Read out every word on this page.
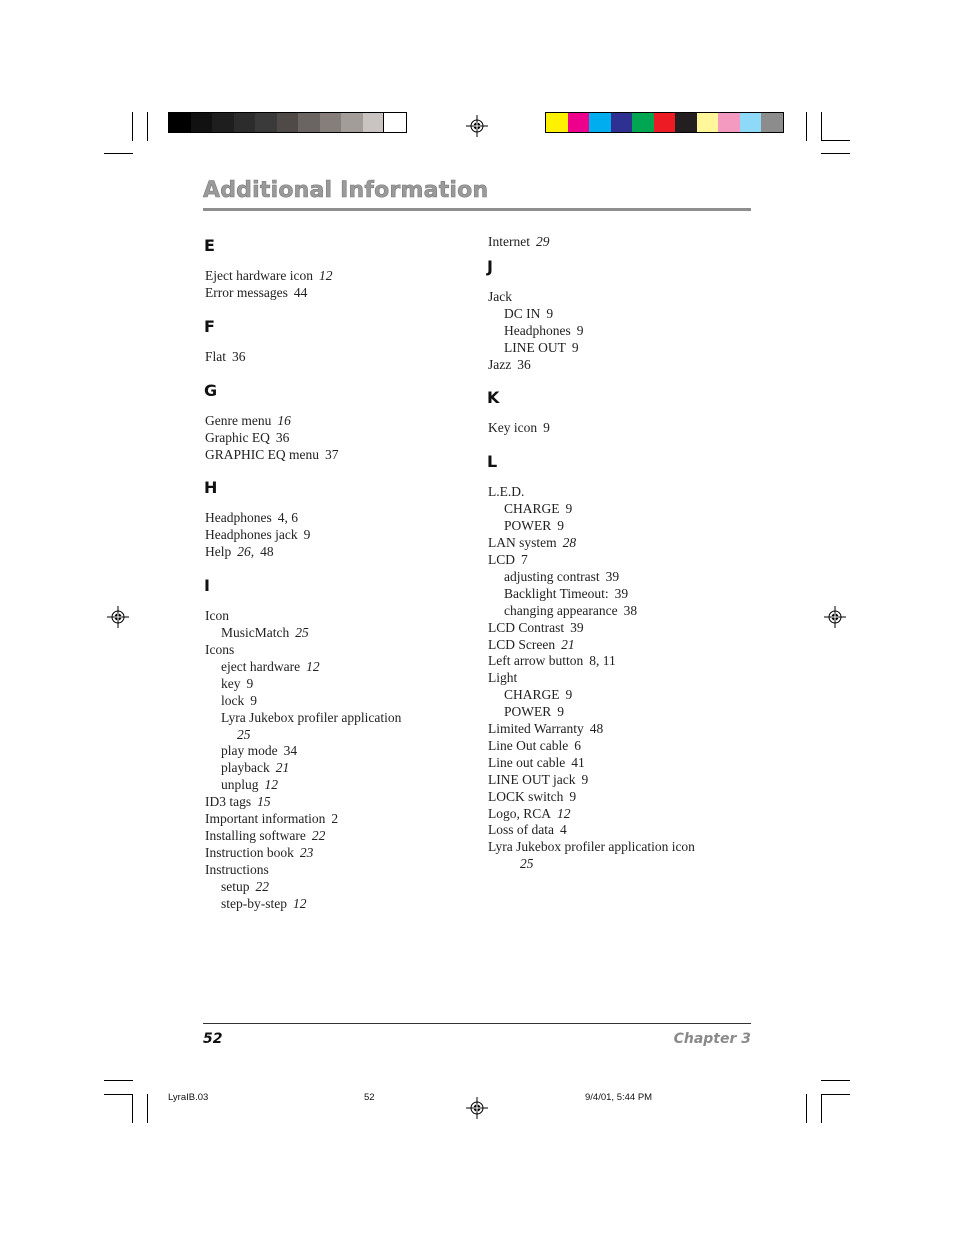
Additional Information
E
Eject hardware icon 12
Error messages 44
F
Flat 36
G
Genre menu 16
Graphic EQ 36
GRAPHIC EQ menu 37
H
Headphones 4, 6
Headphones jack 9
Help 26, 48
I
Icon
MusicMatch 25
Icons
eject hardware 12
key 9
lock 9
Lyra Jukebox profiler application
25
play mode 34
playback 21
unplug 12
ID3 tags 15
Important information 2
Installing software 22
Instruction book 23
Instructions
setup 22
step-by-step 12
Internet 29
J
Jack
DC IN 9
Headphones 9
LINE OUT 9
Jazz 36
K
Key icon 9
L
L.E.D.
CHARGE 9
POWER 9
LAN system 28
LCD 7
adjusting contrast 39
Backlight Timeout: 39
changing appearance 38
LCD Contrast 39
LCD Screen 21
Left arrow button 8, 11
Light
CHARGE 9
POWER 9
Limited Warranty 48
Line Out cable 6
Line out cable 41
LINE OUT jack 9
LOCK switch 9
Logo, RCA 12
Loss of data 4
Lyra Jukebox profiler application icon
25
52	Chapter 3
LyraIB.03	52	9/4/01, 5:44 PM
